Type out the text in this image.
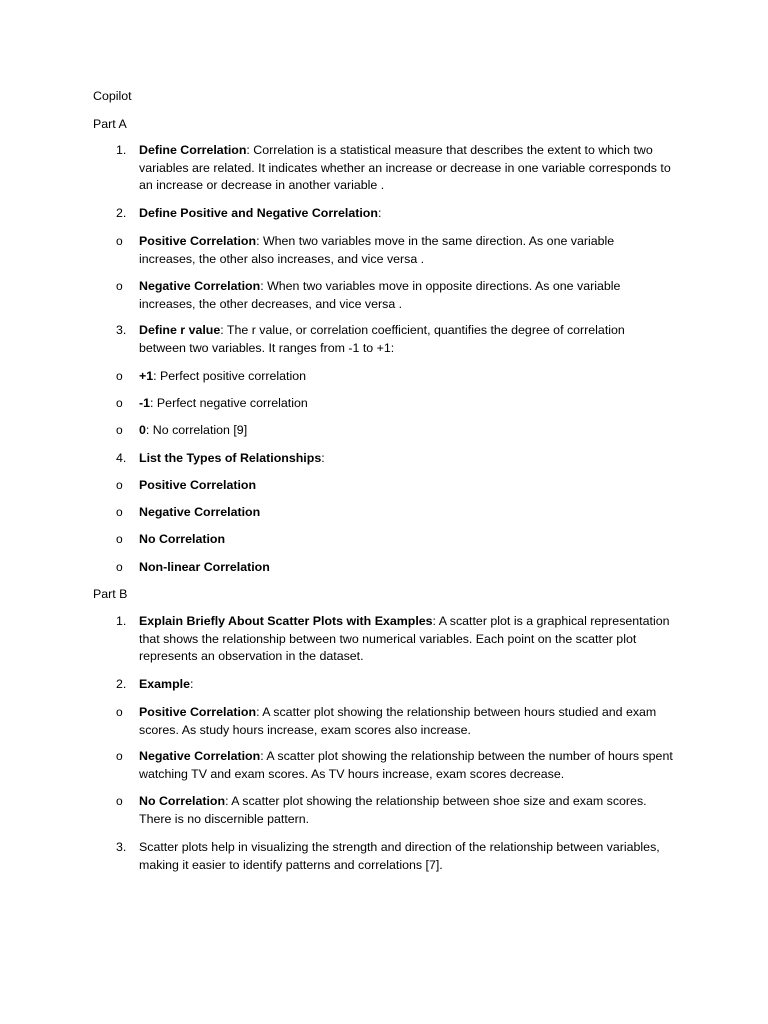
Copilot

Part A

1. Define Correlation: Correlation is a statistical measure that describes the extent to which two variables are related. It indicates whether an increase or decrease in one variable corresponds to an increase or decrease in another variable .
2. Define Positive and Negative Correlation:
o Positive Correlation: When two variables move in the same direction. As one variable increases, the other also increases, and vice versa .
o Negative Correlation: When two variables move in opposite directions. As one variable increases, the other decreases, and vice versa .
3. Define r value: The r value, or correlation coefficient, quantifies the degree of correlation between two variables. It ranges from -1 to +1:
o +1: Perfect positive correlation
o -1: Perfect negative correlation
o 0: No correlation [9]
4. List the Types of Relationships:
o Positive Correlation
o Negative Correlation
o No Correlation
o Non-linear Correlation

Part B

1. Explain Briefly About Scatter Plots with Examples: A scatter plot is a graphical representation that shows the relationship between two numerical variables. Each point on the scatter plot represents an observation in the dataset.
2. Example:
o Positive Correlation: A scatter plot showing the relationship between hours studied and exam scores. As study hours increase, exam scores also increase.
o Negative Correlation: A scatter plot showing the relationship between the number of hours spent watching TV and exam scores. As TV hours increase, exam scores decrease.
o No Correlation: A scatter plot showing the relationship between shoe size and exam scores. There is no discernible pattern.
3. Scatter plots help in visualizing the strength and direction of the relationship between variables, making it easier to identify patterns and correlations [7].
